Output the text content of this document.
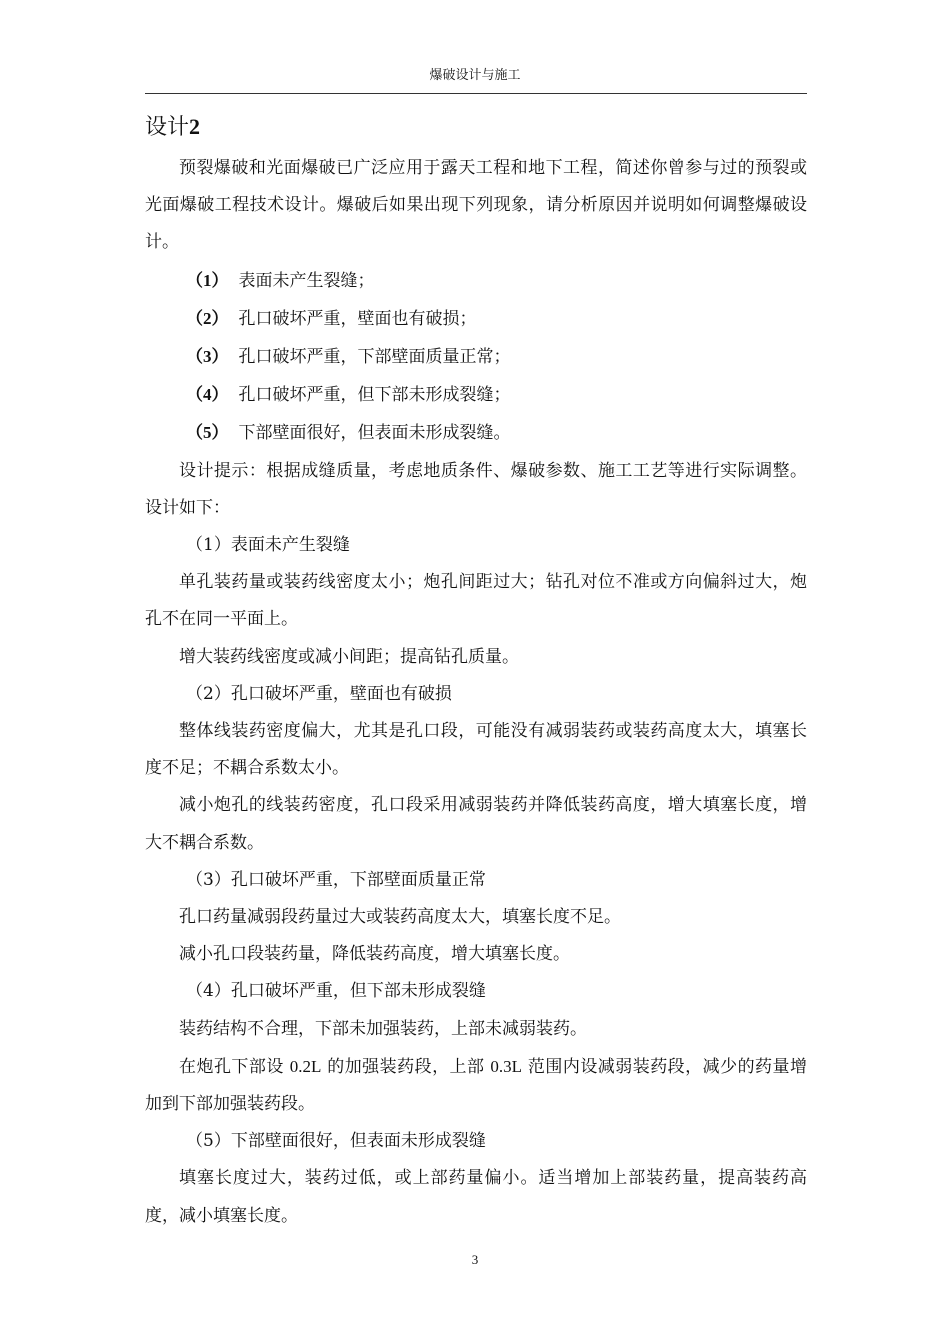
爆破设计与施工
设计2

预裂爆破和光面爆破已广泛应用于露天工程和地下工程，简述你曾参与过的预裂或光面爆破工程技术设计。爆破后如果出现下列现象，请分析原因并说明如何调整爆破设计。

（1） 表面未产生裂缝；

（2） 孔口破坏严重，壁面也有破损；

（3） 孔口破坏严重，下部壁面质量正常；

（4） 孔口破坏严重，但下部未形成裂缝；

（5） 下部壁面很好，但表面未形成裂缝。

设计提示：根据成缝质量，考虑地质条件、爆破参数、施工工艺等进行实际调整。设计如下：

（1）表面未产生裂缝

单孔装药量或装药线密度太小；炮孔间距过大；钻孔对位不准或方向偏斜过大，炮孔不在同一平面上。

增大装药线密度或减小间距；提高钻孔质量。

（2）孔口破坏严重，壁面也有破损

整体线装药密度偏大，尤其是孔口段，可能没有减弱装药或装药高度太大，填塞长度不足；不耦合系数太小。

减小炮孔的线装药密度，孔口段采用减弱装药并降低装药高度，增大填塞长度，增大不耦合系数。

（3）孔口破坏严重，下部壁面质量正常

孔口药量减弱段药量过大或装药高度太大，填塞长度不足。

减小孔口段装药量，降低装药高度，增大填塞长度。

（4）孔口破坏严重，但下部未形成裂缝

装药结构不合理，下部未加强装药，上部未减弱装药。

在炮孔下部设 0.2L 的加强装药段，上部 0.3L 范围内设减弱装药段，减少的药量增加到下部加强装药段。

（5）下部壁面很好，但表面未形成裂缝

填塞长度过大，装药过低，或上部药量偏小。适当增加上部装药量，提高装药高度，减小填塞长度。

3
